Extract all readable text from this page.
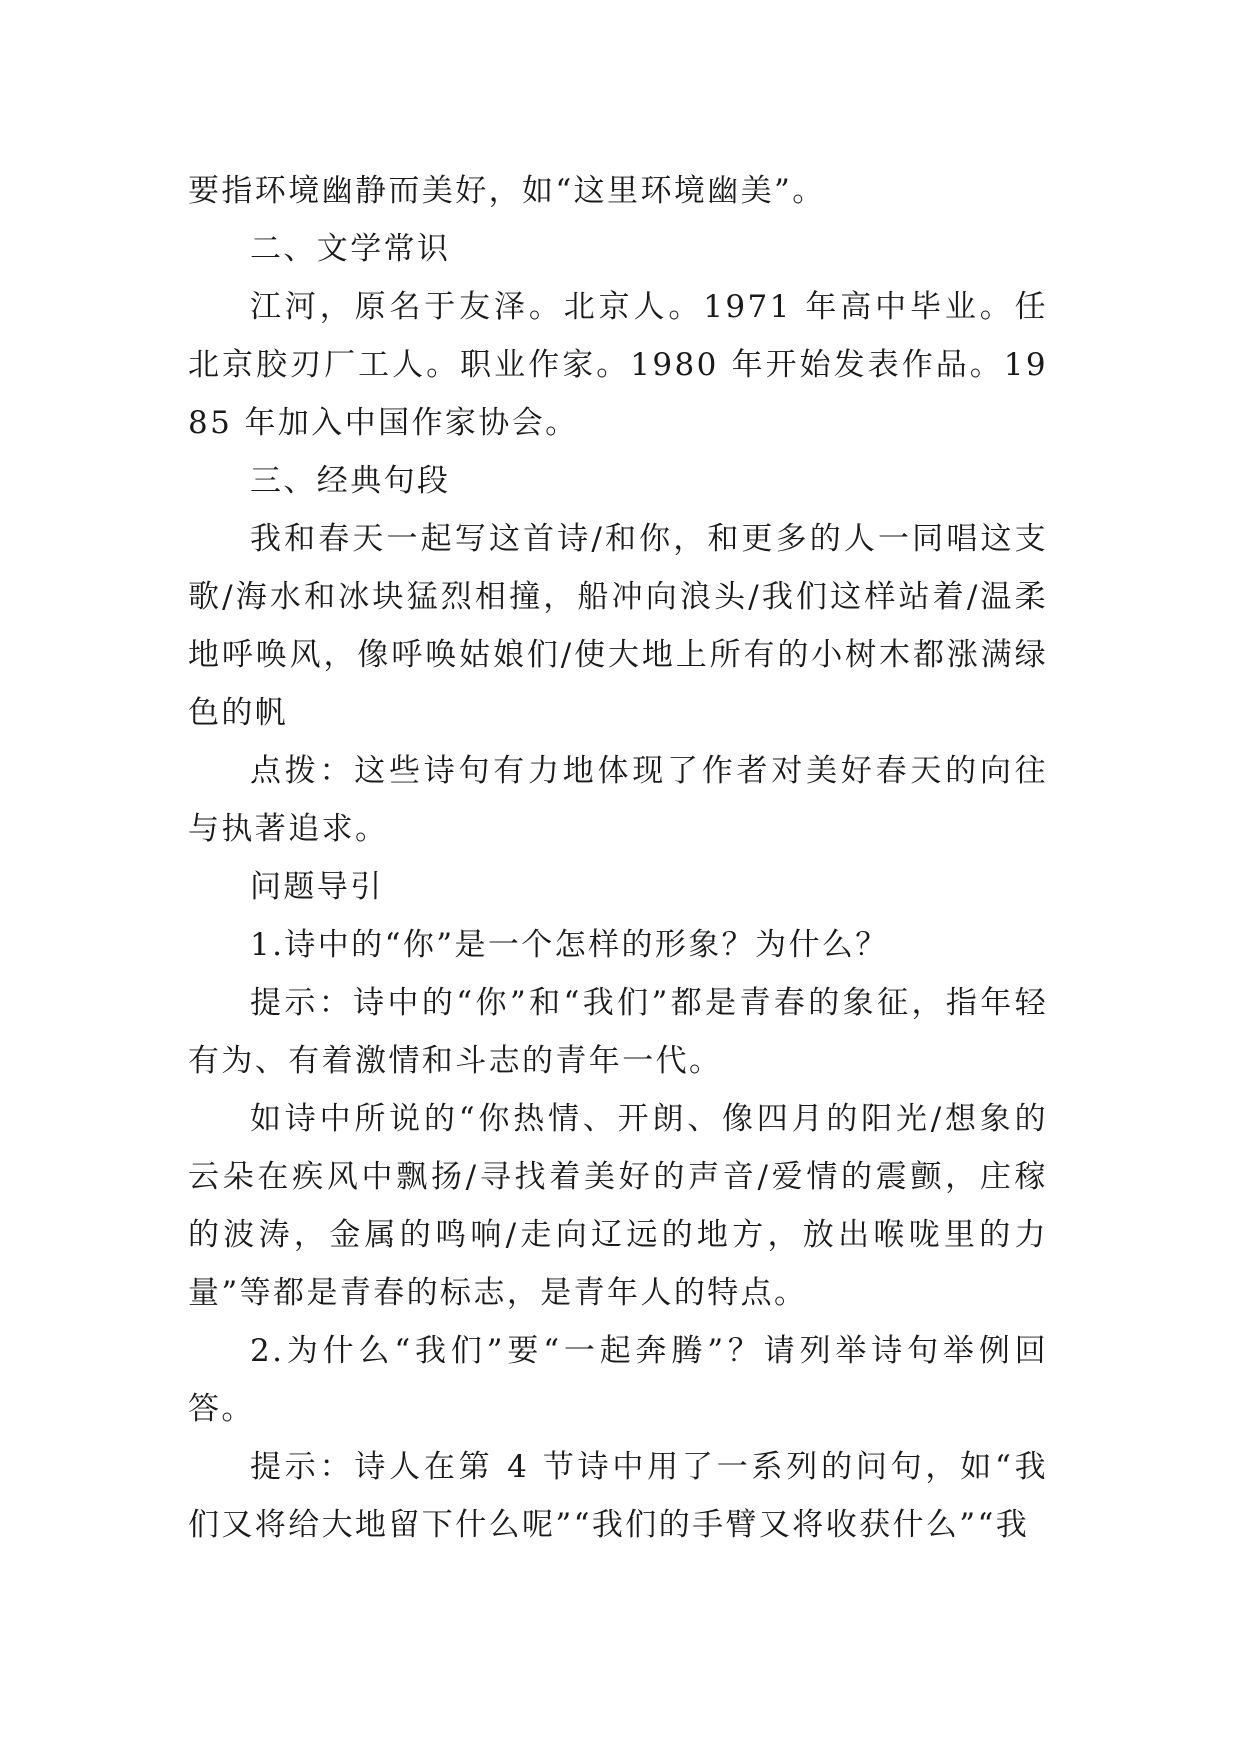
要指环境幽静而美好，如“这里环境幽美”。

二、文学常识

江河，原名于友泽。北京人。1971 年高中毕业。任北京胶刃厂工人。职业作家。1980 年开始发表作品。1985 年加入中国作家协会。

三、经典句段

我和春天一起写这首诗/和你，和更多的人一同唱这支歌/海水和冰块猛烈相撞，船冲向浪头/我们这样站着/温柔地呼唤风，像呼唤姑娘们/使大地上所有的小树木都涨满绿色的帆

点拨：这些诗句有力地体现了作者对美好春天的向往与执著追求。

问题导引

1.诗中的“你”是一个怎样的形象？为什么？

提示：诗中的“你”和“我们”都是青春的象征，指年轻有为、有着激情和斗志的青年一代。

如诗中所说的“你热情、开朗、像四月的阳光/想象的云朵在疾风中飘扬/寻找着美好的声音/爱情的震颤，庄稼的波涛，金属的鸣响/走向辽远的地方，放出喉咙里的力量”等都是青春的标志，是青年人的特点。

2.为什么“我们”要“一起奔腾”？请列举诗句举例回答。

提示：诗人在第 4 节诗中用了一系列的问句，如“我们又将给大地留下什么呢”“我们的手臂又将收获什么”“我
